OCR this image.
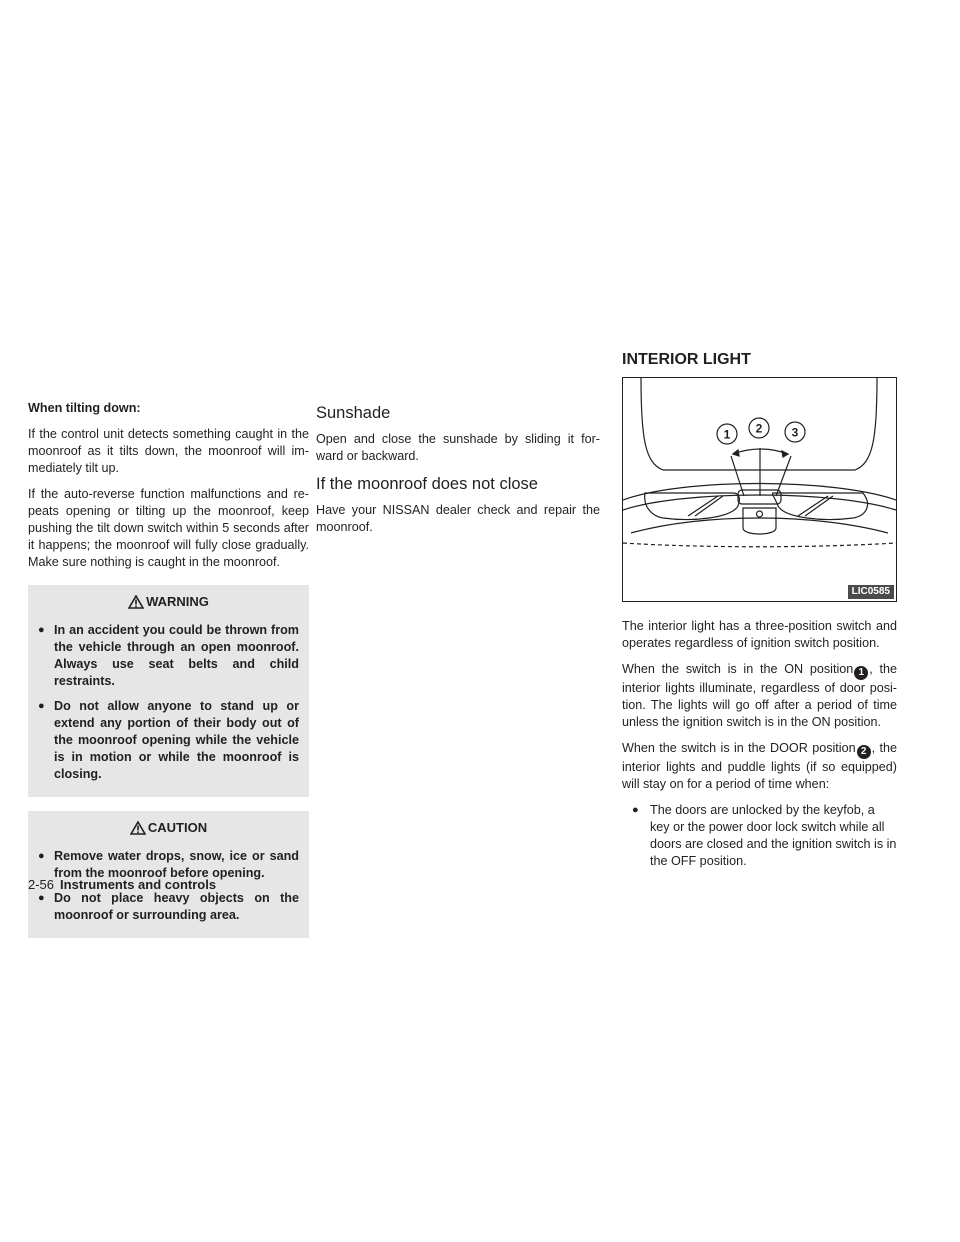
When tilting down:

If the control unit detects something caught in the moonroof as it tilts down, the moonroof will im- mediately tilt up.

If the auto-reverse function malfunctions and re- peats opening or tilting up the moonroof, keep pushing the tilt down switch within 5 seconds after it happens; the moonroof will fully close gradually. Make sure nothing is caught in the moonroof.

WARNING
● In an accident you could be thrown from the vehicle through an open moonroof. Always use seat belts and child restraints.
● Do not allow anyone to stand up or extend any portion of their body out of the moonroof opening while the vehicle is in motion or while the moonroof is closing.
CAUTION
● Remove water drops, snow, ice or sand from the moonroof before opening.
● Do not place heavy objects on the moonroof or surrounding area.
Sunshade

Open and close the sunshade by sliding it for- ward or backward.

If the moonroof does not close

Have your NISSAN dealer check and repair the moonroof.

INTERIOR LIGHT
1 2 3
LIC0585

The interior light has a three-position switch and operates regardless of ignition switch position.

When the switch is in the ON position 1 , the interior lights illuminate, regardless of door posi- tion. The lights will go off after a period of time unless the ignition switch is in the ON position.

When the switch is in the DOOR position 2 , the interior lights and puddle lights (if so equipped) will stay on for a period of time when:

● The doors are unlocked by the keyfob, a key or the power door lock switch while all doors are closed and the ignition switch is in the OFF position.
2-56 Instruments and controls
